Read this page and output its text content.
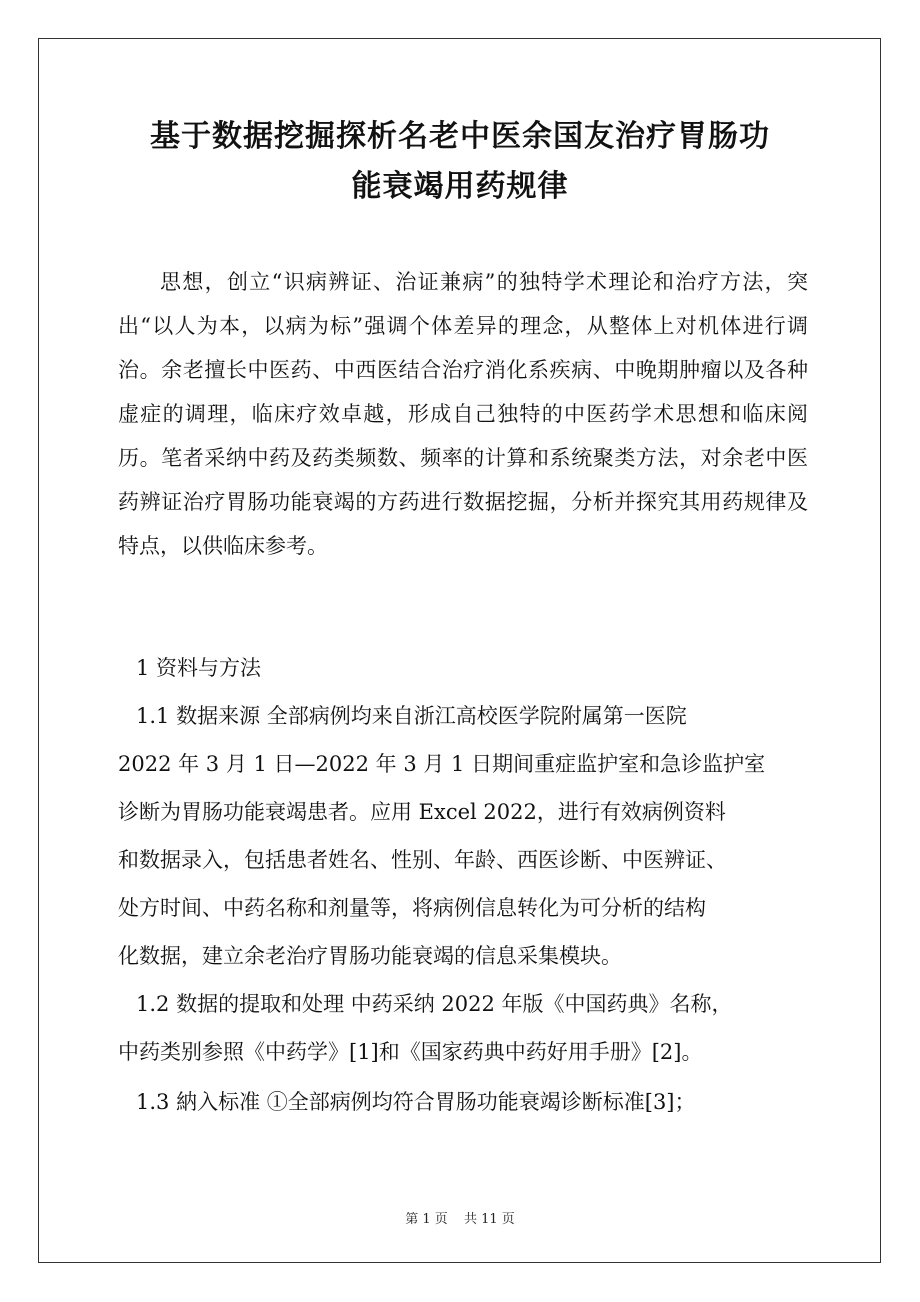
基于数据挖掘探析名老中医余国友治疗胃肠功
能衰竭用药规律

思想，创立“识病辨证、治证兼病”的独特学术理论和治疗方法，突出“以人为本，以病为标”强调个体差异的理念，从整体上对机体进行调治。余老擅长中医药、中西医结合治疗消化系疾病、中晚期肿瘤以及各种虚症的调理，临床疗效卓越，形成自己独特的中医药学术思想和临床阅历。笔者采纳中药及药类频数、频率的计算和系统聚类方法，对余老中医药辨证治疗胃肠功能衰竭的方药进行数据挖掘，分析并探究其用药规律及特点，以供临床参考。

1 资料与方法
1.1 数据来源 全部病例均来自浙江高校医学院附属第一医院
2022 年 3 月 1 日—2022 年 3 月 1 日期间重症监护室和急诊监护室
诊断为胃肠功能衰竭患者。应用 Excel 2022，进行有效病例资料
和数据录入，包括患者姓名、性别、年龄、西医诊断、中医辨证、
处方时间、中药名称和剂量等，将病例信息转化为可分析的结构
化数据，建立余老治疗胃肠功能衰竭的信息采集模块。
1.2 数据的提取和处理 中药采纳 2022 年版《中国药典》名称，
中药类别参照《中药学》[1]和《国家药典中药好用手册》[2]。
1.3 納入标准 ①全部病例均符合胃肠功能衰竭诊断标准[3]；
第 1 页 共 11 页
